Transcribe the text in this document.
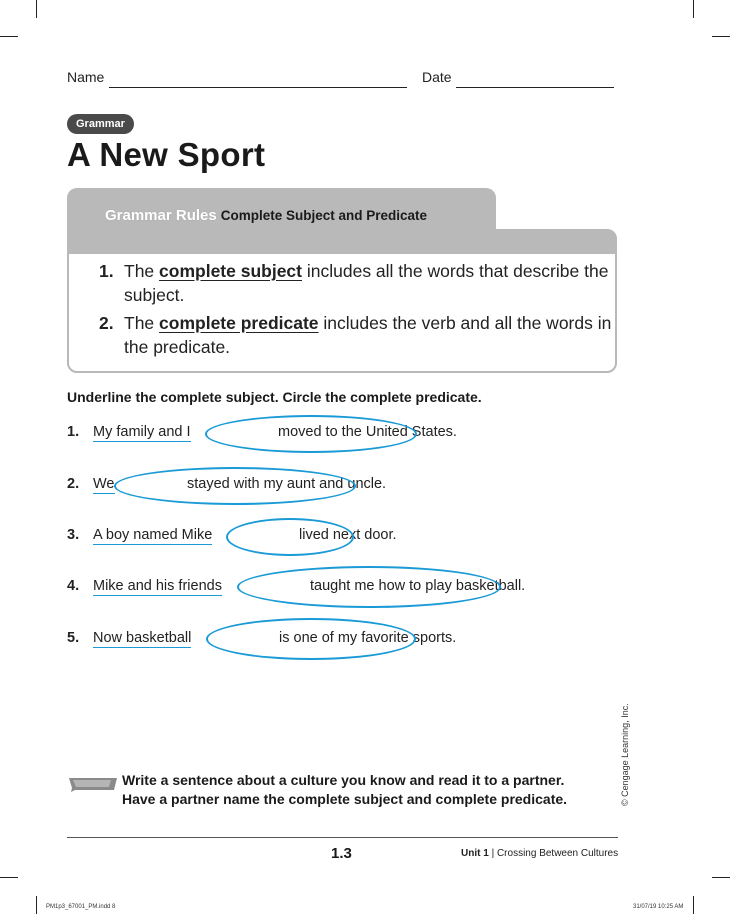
Name	Date
Grammar
A New Sport
Grammar Rules Complete Subject and Predicate
1. The complete subject includes all the words that describe the subject.
2. The complete predicate includes the verb and all the words in the predicate.
Underline the complete subject. Circle the complete predicate.
1. My family and I	moved to the United States.
2. We	stayed with my aunt and uncle.
3. A boy named Mike	lived next door.
4. Mike and his friends	taught me how to play basketball.
5. Now basketball	is one of my favorite sports.
© Cengage Learning, Inc.
Write a sentence about a culture you know and read it to a partner. Have a partner name the complete subject and complete predicate.
1.3	Unit 1 | Crossing Between Cultures
PM1p3_67001_PM.indd 8	31/07/19 10:25 AM
